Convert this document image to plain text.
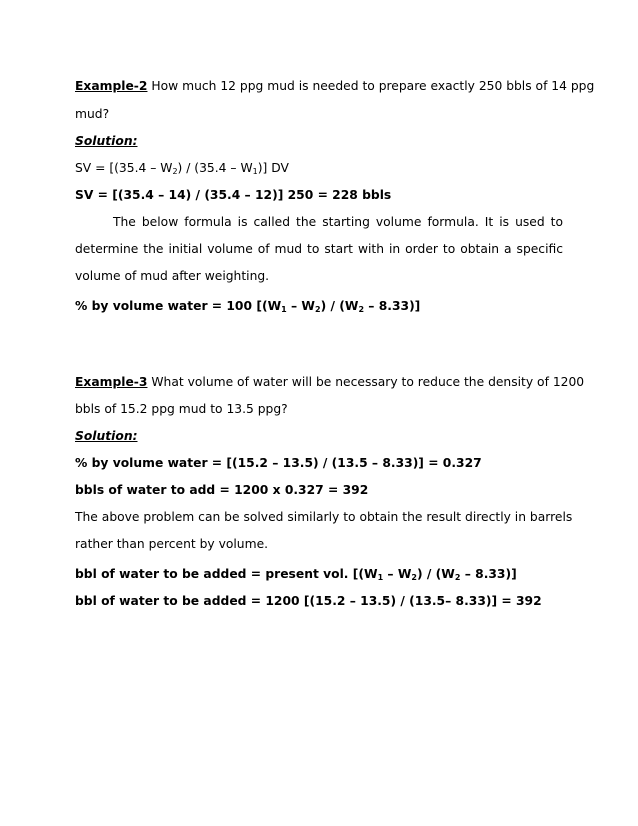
Example-2 How much 12 ppg mud is needed to prepare exactly 250 bbls of 14 ppg
mud?
Solution:
SV = $[(35.4 - W_2) / (35.4 - W_1)]$ DV
SV = [(35.4 – 14) / (35.4 – 12)] 250 = 228 bbls
The below formula is called the starting volume formula. It is used to
determine the initial volume of mud to start with in order to obtain a specific
volume of mud after weighting.
% by volume water = 100 $[(W_1 - W_2) / (W_2 - 8.33)]$
Example-3 What volume of water will be necessary to reduce the density of 1200
bbls of 15.2 ppg mud to 13.5 ppg?
Solution:
% by volume water = [(15.2 – 13.5) / (13.5 – 8.33)] = 0.327
bbls of water to add = 1200 x 0.327 = 392
The above problem can be solved similarly to obtain the result directly in barrels
rather than percent by volume.
bbl of water to be added = present vol. $[(W_1 - W_2) / (W_2 - 8.33)]$
bbl of water to be added = 1200 [(15.2 – 13.5) / (13.5– 8.33)] = 392
